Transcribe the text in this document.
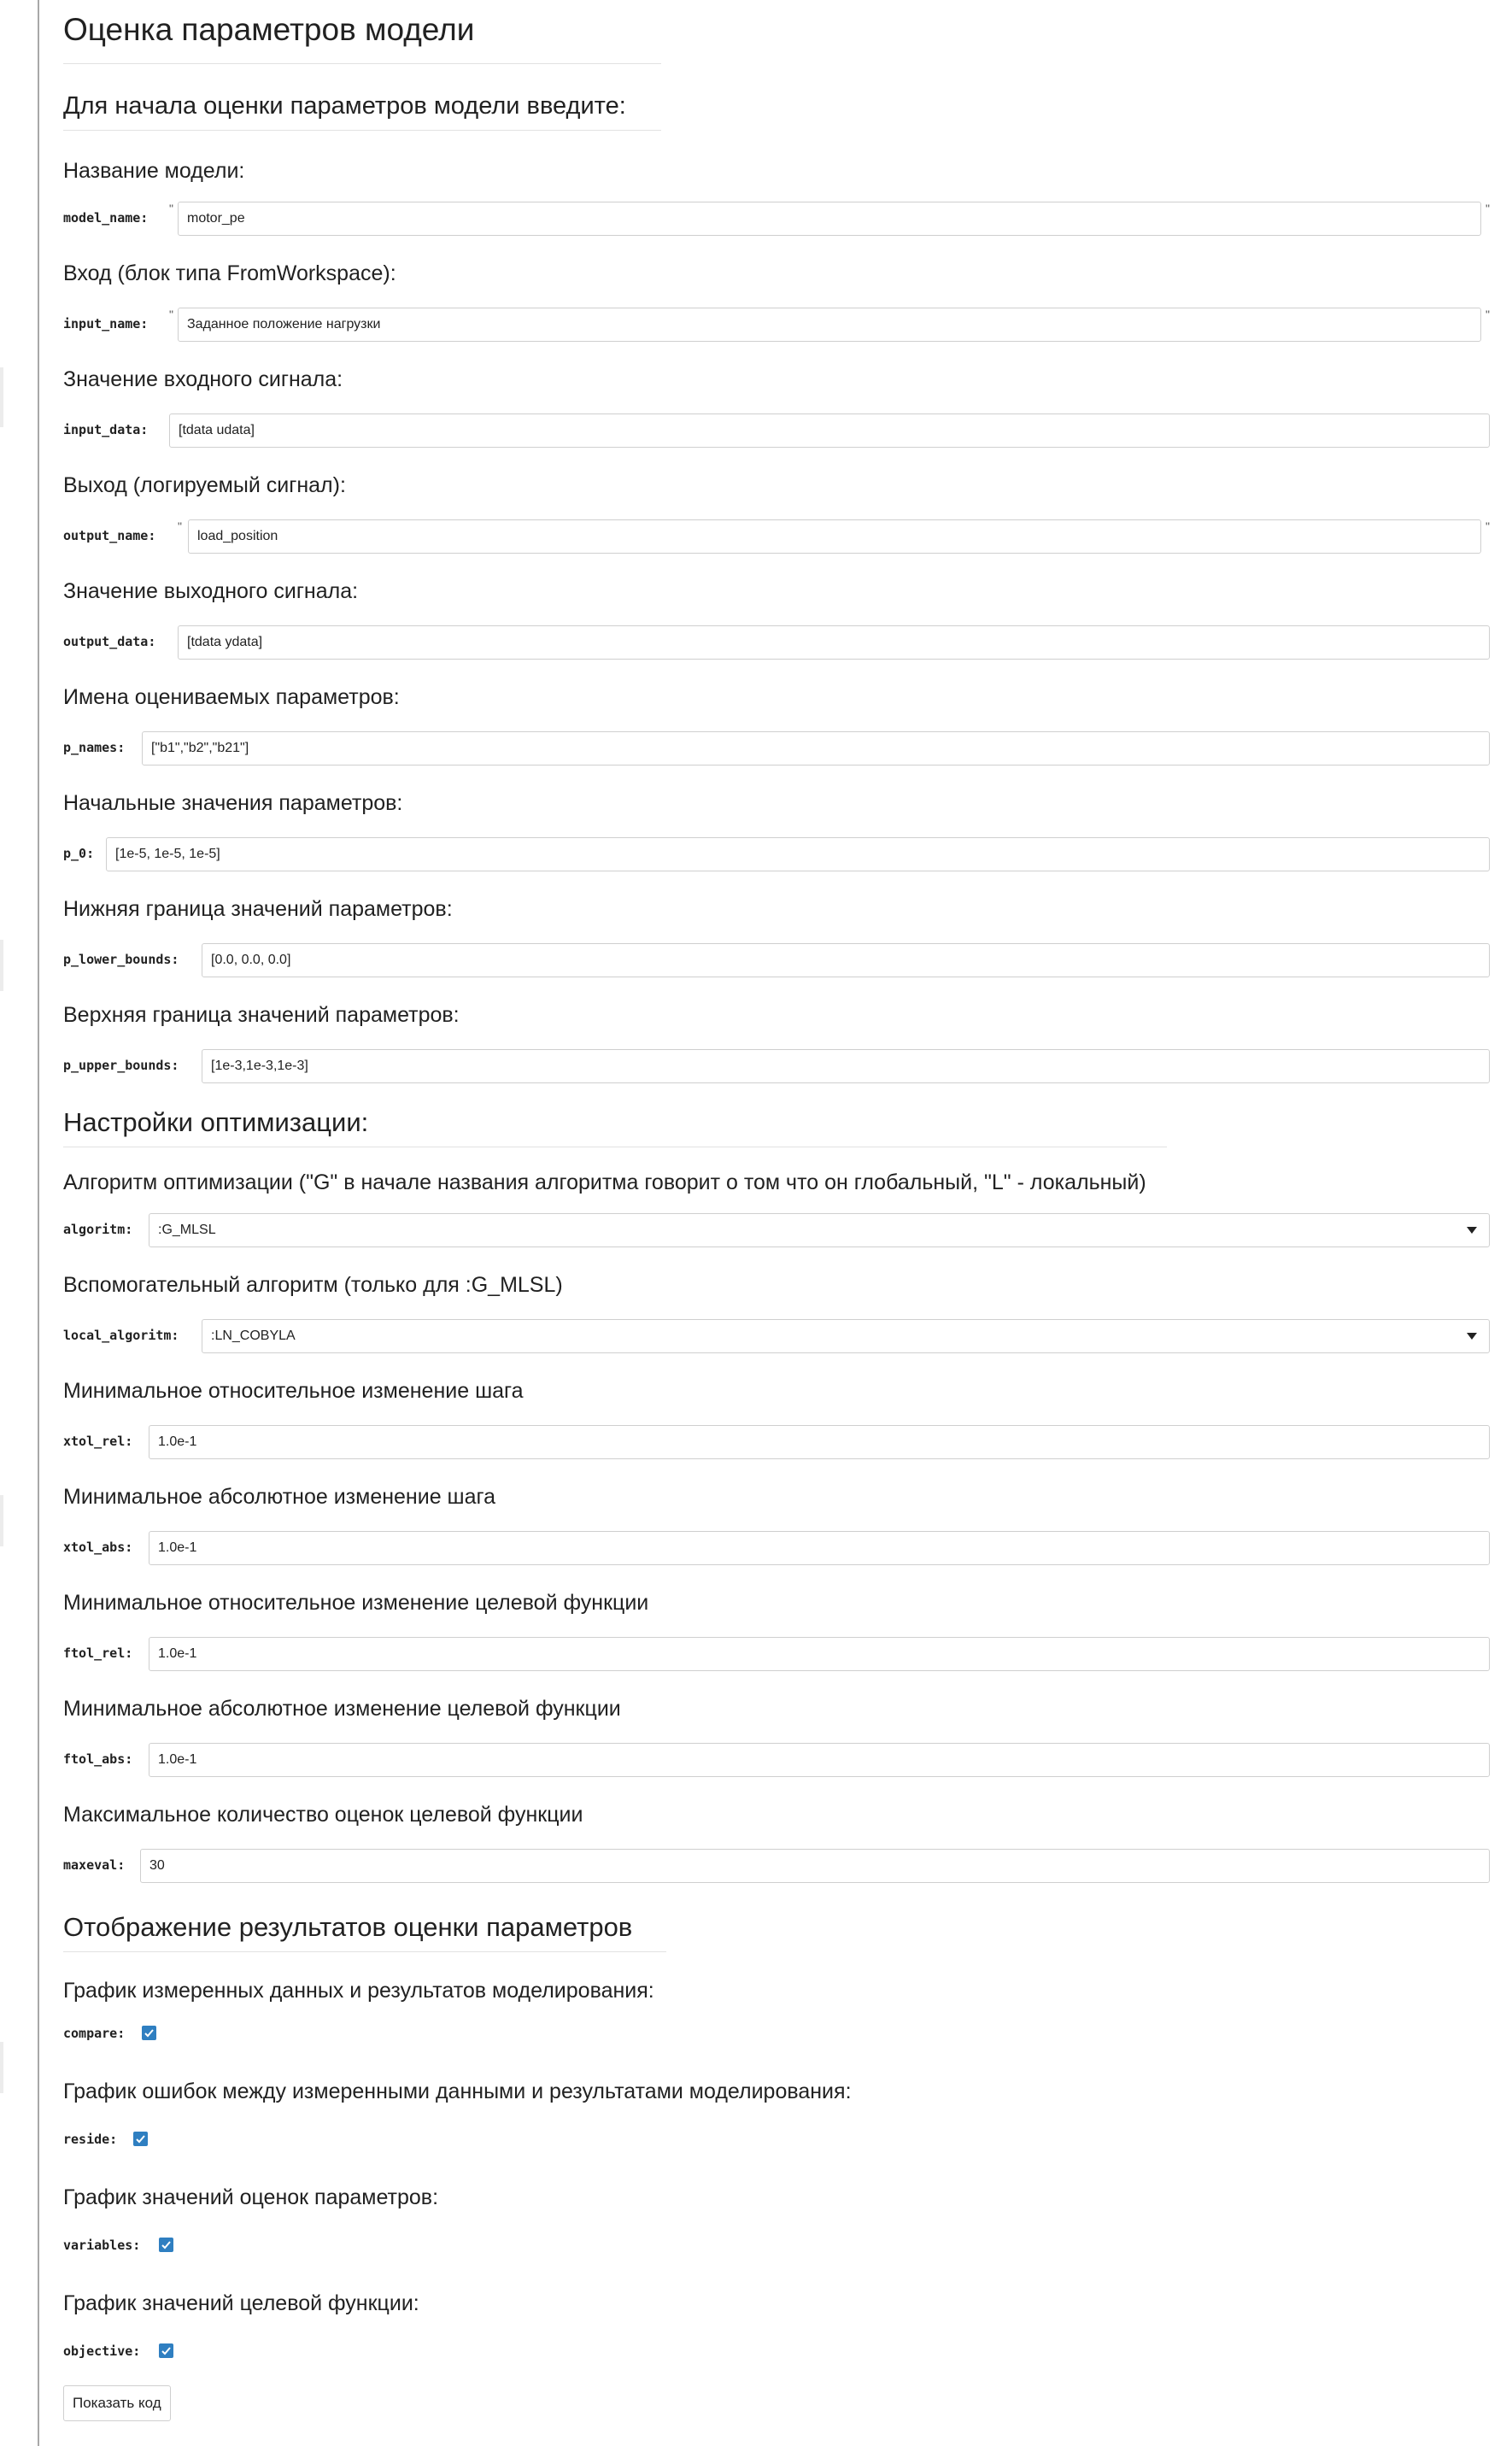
Оценка параметров модели
Для начала оценки параметров модели введите:
Название модели:
model_name:
"
motor_pe
"
Вход (блок типа FromWorkspace):
input_name:
"
Заданное положение нагрузки
"
Значение входного сигнала:
input_data:	[tdata udata]
Выход (логируемый сигнал):
output_name:
"
load_position
"
Значение выходного сигнала:
output_data:	[tdata ydata]
Имена оцениваемых параметров:
p_names:	["b1","b2","b21"]
Начальные значения параметров:
p_0:	[1e-5, 1e-5, 1e-5]
Нижняя граница значений параметров:
p_lower_bounds:	[0.0, 0.0, 0.0]
Верхняя граница значений параметров:
p_upper_bounds:	[1e-3,1e-3,1e-3]
Настройки оптимизации:
Алгоритм оптимизации ("G" в начале названия алгоритма говорит о том что он глобальный, "L" - локальный)
algoritm:	:G_MLSL
Вспомогательный алгоритм (только для :G_MLSL)
local_algoritm:	:LN_COBYLA
Минимальное относительное изменение шага
xtol_rel:	1.0e-1
Минимальное абсолютное изменение шага
xtol_abs:	1.0e-1
Минимальное относительное изменение целевой функции
ftol_rel:	1.0e-1
Минимальное абсолютное изменение целевой функции
ftol_abs:	1.0e-1
Максимальное количество оценок целевой функции
maxeval:	30
Отображение результатов оценки параметров
График измеренных данных и результатов моделирования:
compare:
График ошибок между измеренными данными и результатами моделирования:
reside:
График значений оценок параметров:
variables:
График значений целевой функции:
objective:
Показать код
